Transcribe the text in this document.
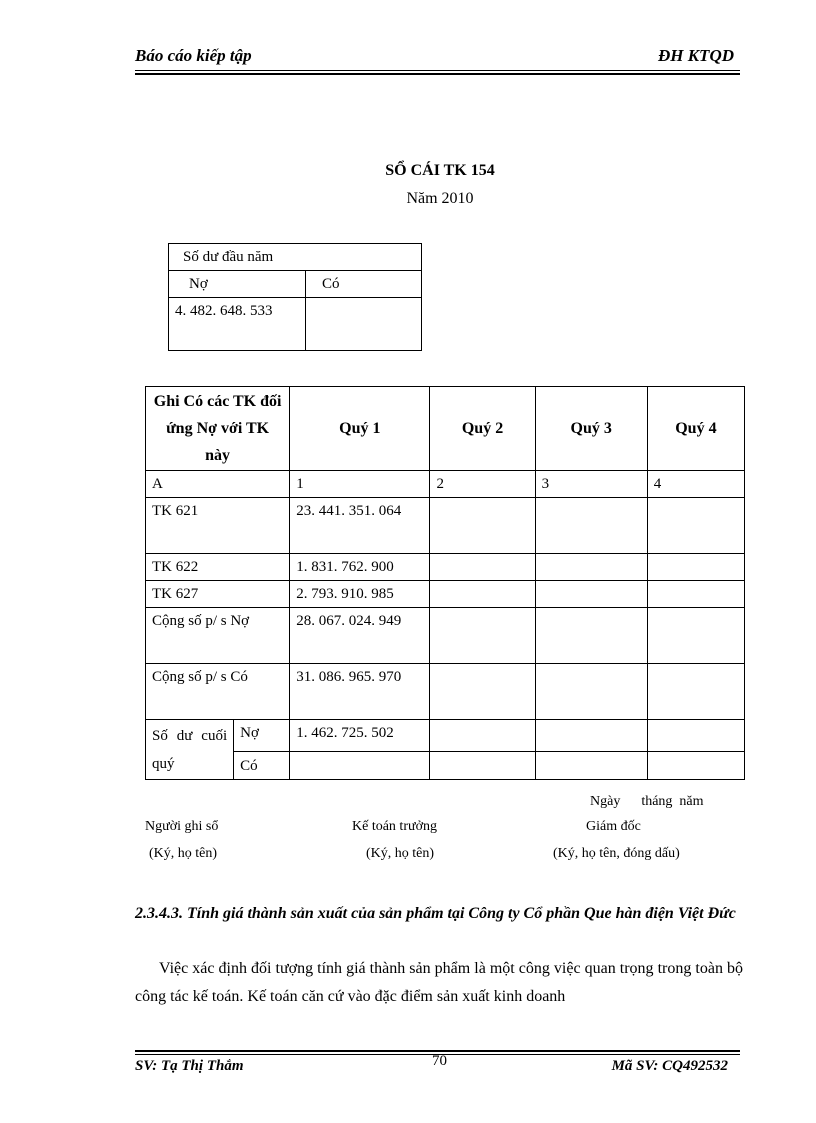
Báo cáo kiếp tập	ĐH KTQD
SỔ CÁI TK 154
Năm 2010
Số dư đầu năm	
Nợ	Có
4. 482. 648. 533	
Ghi Có các TK đối ứng Nợ với TK này		Quý 1	Quý 2	Quý 3	Quý 4
A		1	2	3	4
TK 621		23. 441. 351. 064			
TK 622		1. 831. 762. 900			
TK 627		2. 793. 910. 985			
Cộng số p/ s Nợ		28. 067. 024. 949			
Cộng số p/ s Có		31. 086. 965. 970			
Số dư cuối quý	Nợ	1. 462. 725. 502			
	Có				
Ngày      tháng  năm
Người ghi sổ
(Ký, họ tên)
Kế toán trưởng
(Ký, họ tên)
Giám đốc
(Ký, họ tên, đóng dấu)
2.3.4.3. Tính giá thành sản xuất của sản phẩm tại Công ty Cổ phần Que hàn điện Việt Đức
Việc xác định đối tượng tính giá thành sản phẩm là một công việc quan trọng trong toàn bộ công tác kế toán. Kế toán căn cứ vào đặc điểm sản xuất kinh doanh
SV: Tạ Thị Thắm	70	Mã SV: CQ492532
